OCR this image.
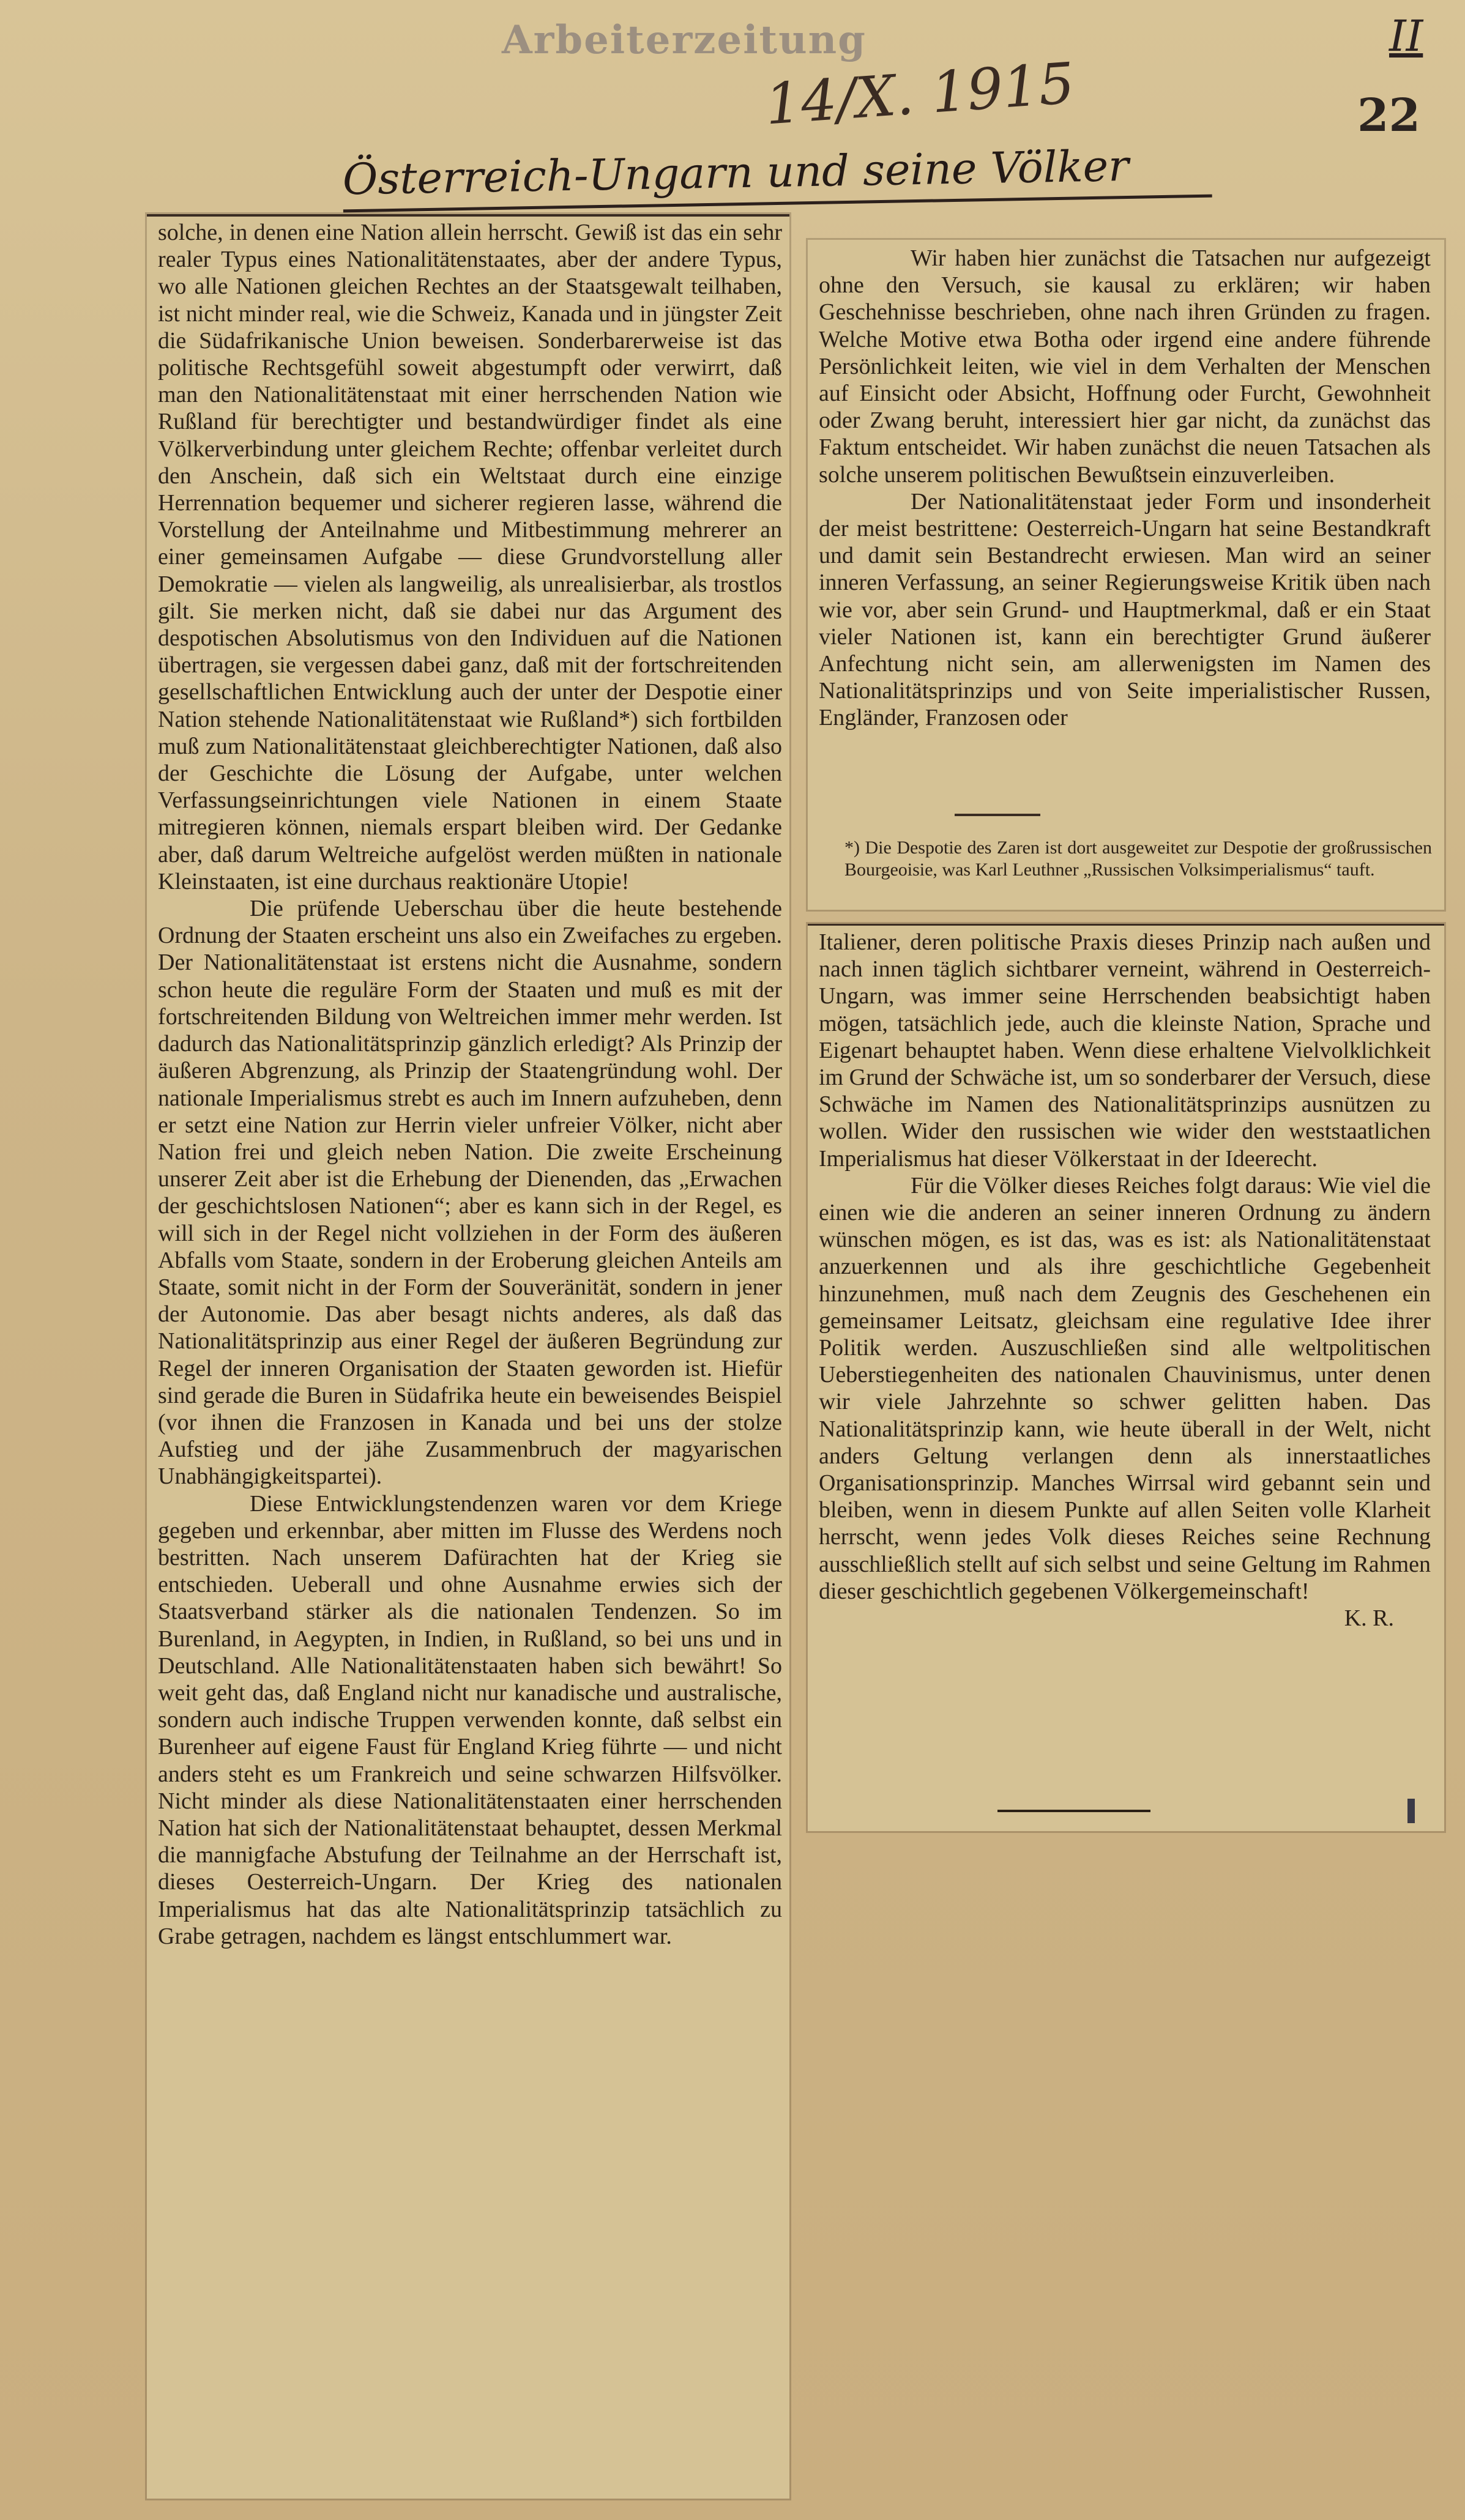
Arbeiterzeitung
14/X. 1915
II
22
Österreich-Ungarn und seine Völker

solche, in denen eine Nation allein herrscht. Gewiß ist das ein sehr realer Typus eines Nationalitätenstaates, aber der andere Typus, wo alle Nationen gleichen Rechtes an der Staatsgewalt teilhaben, ist nicht minder real, wie die Schweiz, Kanada und in jüngster Zeit die Südafrikanische Union beweisen. Sonderbarerweise ist das politische Rechtsgefühl soweit abgestumpft oder verwirrt, daß man den Nationalitätenstaat mit einer herrschenden Nation wie Rußland für berechtigter und bestandwürdiger findet als eine Völkerverbindung unter gleichem Rechte; offenbar verleitet durch den Anschein, daß sich ein Weltstaat durch eine einzige Herrennation bequemer und sicherer regieren lasse, während die Vorstellung der Anteilnahme und Mitbestimmung mehrerer an einer gemeinsamen Aufgabe — diese Grundvorstellung aller Demokratie — vielen als langweilig, als unrealisierbar, als trostlos gilt. Sie merken nicht, daß sie dabei nur das Argument des despotischen Absolutismus von den Individuen auf die Nationen übertragen, sie vergessen dabei ganz, daß mit der fortschreitenden gesellschaftlichen Entwicklung auch der unter der Despotie einer Nation stehende Nationalitätenstaat wie Rußland*) sich fortbilden muß zum Nationalitätenstaat gleichberechtigter Nationen, daß also der Geschichte die Lösung der Aufgabe, unter welchen Verfassungseinrichtungen viele Nationen in einem Staate mitregieren können, niemals erspart bleiben wird. Der Gedanke aber, daß darum Weltreiche aufgelöst werden müßten in nationale Kleinstaaten, ist eine durchaus reaktionäre Utopie!

Die prüfende Ueberschau über die heute bestehende Ordnung der Staaten erscheint uns also ein Zweifaches zu ergeben. Der Nationalitätenstaat ist erstens nicht die Ausnahme, sondern schon heute die reguläre Form der Staaten und muß es mit der fortschreitenden Bildung von Weltreichen immer mehr werden. Ist dadurch das Nationalitätsprinzip gänzlich erledigt? Als Prinzip der äußeren Abgrenzung, als Prinzip der Staatengründung wohl. Der nationale Imperialismus strebt es auch im Innern aufzuheben, denn er setzt eine Nation zur Herrin vieler unfreier Völker, nicht aber Nation frei und gleich neben Nation. Die zweite Erscheinung unserer Zeit aber ist die Erhebung der Dienenden, das „Erwachen der geschichtslosen Nationen“; aber es kann sich in der Regel, es will sich in der Regel nicht vollziehen in der Form des äußeren Abfalls vom Staate, sondern in der Eroberung gleichen Anteils am Staate, somit nicht in der Form der Souveränität, sondern in jener der Autonomie. Das aber besagt nichts anderes, als daß das Nationalitätsprinzip aus einer Regel der äußeren Begründung zur Regel der inneren Organisation der Staaten geworden ist. Hiefür sind gerade die Buren in Südafrika heute ein beweisendes Beispiel (vor ihnen die Franzosen in Kanada und bei uns der stolze Aufstieg und der jähe Zusammenbruch der magyarischen Unabhängigkeitspartei).

Diese Entwicklungstendenzen waren vor dem Kriege gegeben und erkennbar, aber mitten im Flusse des Werdens noch bestritten. Nach unserem Dafürachten hat der Krieg sie entschieden. Ueberall und ohne Ausnahme erwies sich der Staatsverband stärker als die nationalen Tendenzen. So im Burenland, in Aegypten, in Indien, in Rußland, so bei uns und in Deutschland. Alle Nationalitätenstaaten haben sich bewährt! So weit geht das, daß England nicht nur kanadische und australische, sondern auch indische Truppen verwenden konnte, daß selbst ein Burenheer auf eigene Faust für England Krieg führte — und nicht anders steht es um Frankreich und seine schwarzen Hilfsvölker. Nicht minder als diese Nationalitätenstaaten einer herrschenden Nation hat sich der Nationalitätenstaat behauptet, dessen Merkmal die mannigfache Abstufung der Teilnahme an der Herrschaft ist, dieses Oesterreich-Ungarn. Der Krieg des nationalen Imperialismus hat das alte Nationalitätsprinzip tatsächlich zu Grabe getragen, nachdem es längst entschlummert war.

Wir haben hier zunächst die Tatsachen nur aufgezeigt ohne den Versuch, sie kausal zu erklären; wir haben Geschehnisse beschrieben, ohne nach ihren Gründen zu fragen. Welche Motive etwa Botha oder irgend eine andere führende Persönlichkeit leiten, wie viel in dem Verhalten der Menschen auf Einsicht oder Absicht, Hoffnung oder Furcht, Gewohnheit oder Zwang beruht, interessiert hier gar nicht, da zunächst das Faktum entscheidet. Wir haben zunächst die neuen Tatsachen als solche unserem politischen Bewußtsein einzuverleiben.

Der Nationalitätenstaat jeder Form und insonderheit der meist bestrittene: Oesterreich-Ungarn hat seine Bestandkraft und damit sein Bestandrecht erwiesen. Man wird an seiner inneren Verfassung, an seiner Regierungsweise Kritik üben nach wie vor, aber sein Grund- und Hauptmerkmal, daß er ein Staat vieler Nationen ist, kann ein berechtigter Grund äußerer Anfechtung nicht sein, am allerwenigsten im Namen des Nationalitätsprinzips und von Seite imperialistischer Russen, Engländer, Franzosen oder

*) Die Despotie des Zaren ist dort ausgeweitet zur Despotie der großrussischen Bourgeoisie, was Karl Leuthner „Russischen Volksimperialismus“ tauft.

Italiener, deren politische Praxis dieses Prinzip nach außen und nach innen täglich sichtbarer verneint, während in Oesterreich-Ungarn, was immer seine Herrschenden beabsichtigt haben mögen, tatsächlich jede, auch die kleinste Nation, Sprache und Eigenart behauptet haben. Wenn diese erhaltene Vielvolklichkeit im Grund der Schwäche ist, um so sonderbarer der Versuch, diese Schwäche im Namen des Nationalitätsprinzips ausnützen zu wollen. Wider den russischen wie wider den weststaatlichen Imperialismus hat dieser Völkerstaat in der Ideerecht.

Für die Völker dieses Reiches folgt daraus: Wie viel die einen wie die anderen an seiner inneren Ordnung zu ändern wünschen mögen, es ist das, was es ist: als Nationalitätenstaat anzuerkennen und als ihre geschichtliche Gegebenheit hinzunehmen, muß nach dem Zeugnis des Geschehenen ein gemeinsamer Leitsatz, gleichsam eine regulative Idee ihrer Politik werden. Auszuschließen sind alle weltpolitischen Ueberstiegenheiten des nationalen Chauvinismus, unter denen wir viele Jahrzehnte so schwer gelitten haben. Das Nationalitätsprinzip kann, wie heute überall in der Welt, nicht anders Geltung verlangen denn als innerstaatliches Organisationsprinzip. Manches Wirrsal wird gebannt sein und bleiben, wenn in diesem Punkte auf allen Seiten volle Klarheit herrscht, wenn jedes Volk dieses Reiches seine Rechnung ausschließlich stellt auf sich selbst und seine Geltung im Rahmen dieser geschichtlich gegebenen Völkergemeinschaft!

K. R.
